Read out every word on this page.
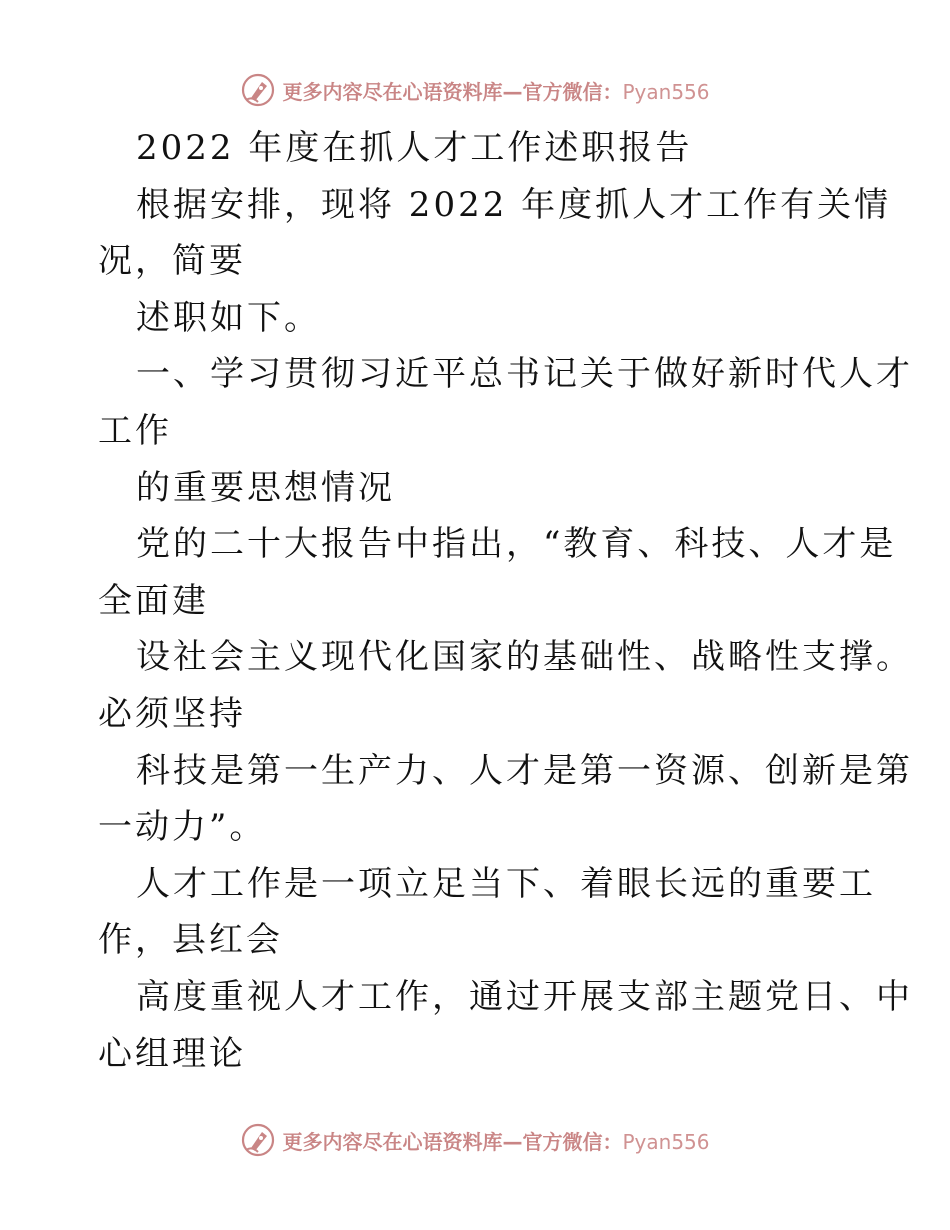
更多内容尽在心语资料库—官方微信：Pyan556
2022 年度在抓人才工作述职报告
根据安排，现将 2022 年度抓人才工作有关情
况，简要
述职如下。
一、学习贯彻习近平总书记关于做好新时代人才
工作
的重要思想情况
党的二十大报告中指出，“教育、科技、人才是
全面建
设社会主义现代化国家的基础性、战略性支撑。
必须坚持
科技是第一生产力、人才是第一资源、创新是第
一动力”。
人才工作是一项立足当下、着眼长远的重要工
作，县红会
高度重视人才工作，通过开展支部主题党日、中
心组理论
更多内容尽在心语资料库—官方微信：Pyan556
